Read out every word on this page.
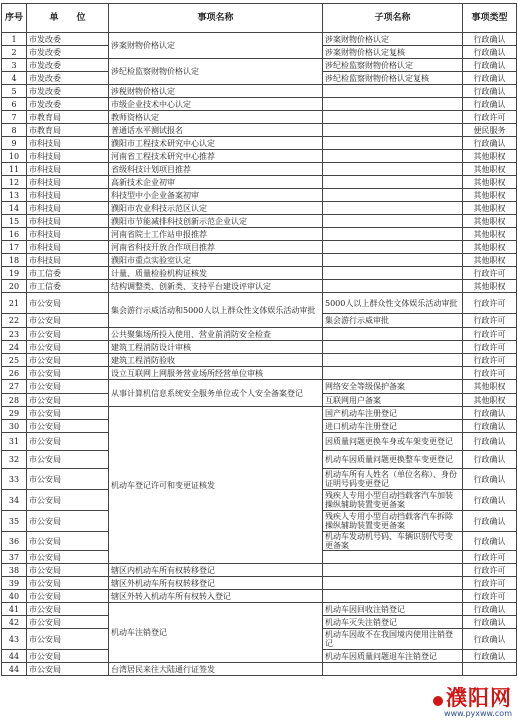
序号	单　　位	事项名称	子项名称	事项类型
1	市发改委	涉案财物价格认定	涉案财物价格认定	行政确认
2	市发改委		涉案财物价格认定复核	行政确认
3	市发改委	涉纪检监察财物价格认定	涉纪检监察财物价格认定	行政确认
4	市发改委		涉纪检监察财物价格认定复核	行政确认
5	市发改委	涉税财物价格认定		行政确认
6	市发改委	市级企业技术中心认定		行政确认
7	市教育局	教师资格认定		行政许可
8	市教育局	普通话水平测试报名		便民服务
9	市科技局	濮阳市工程技术研究中心认定		行政确认
10	市科技局	河南省工程技术研究中心推荐		其他职权
11	市科技局	省级科技计划项目推荐		其他职权
12	市科技局	高新技术企业初审		其他职权
13	市科技局	科技型中小企业备案初审		其他职权
14	市科技局	濮阳市农业科技示范区认定		其他职权
15	市科技局	濮阳市节能减排科技创新示范企业认定		其他职权
16	市科技局	河南省院士工作站申报推荐		其他职权
17	市科技局	河南省科技开放合作项目推荐		其他职权
18	市科技局	濮阳市重点实验室认定		其他职权
19	市工信委	计量、质量检验机构证核发		行政许可
20	市工信委	结构调整类、创新类、支持平台建设评审认定		其他职权
21	市公安局	集会游行示威活动和5000人以上群众性文体娱乐活动审批	5000人以上群众性文体娱乐活动审批	行政许可
22	市公安局		集会游行示威审批	行政许可
23	市公安局	公共聚集场所投入使用、营业前消防安全检查		行政许可
24	市公安局	建筑工程消防设计审核		行政许可
25	市公安局	建筑工程消防验收		行政许可
26	市公安局	设立互联网上网服务营业场所经营单位审核		行政许可
27	市公安局	从事计算机信息系统安全服务单位或个人安全备案登记	网络安全等级保护备案	其他职权
28	市公安局		互联网用户备案	其他职权
29	市公安局	机动车登记许可和变更证核发	国产机动车注册登记	行政确认
30	市公安局		进口机动车注册登记	行政确认
31	市公安局		因质量问题更换车身或车架变更登记	行政确认
32	市公安局		机动车因质量问题更换整车变更登记	行政确认
33	市公安局		机动车所有人姓名（单位名称）、身份证明号码变更登记	行政确认
34	市公安局		残疾人专用小型自动挡载客汽车加装操纵辅助装置变更备案	行政确认
35	市公安局		残疾人专用小型自动挡载客汽车拆除操纵辅助装置变更备案	行政确认
36	市公安局		机动车发动机号码、车辆识别代号变更备案	行政确认
37	市公安局			行政许可
38	市公安局	辖区内机动车所有权转移登记		行政许可
39	市公安局	辖区外机动车所有权转移登记		行政许可
40	市公安局	辖区外转入机动车所有权转入登记		行政许可
41	市公安局	机动车注销登记	机动车因回收注销登记	行政确认
42	市公安局		机动车灭失注销登记	行政确认
43	市公安局		机动车因故不在我国境内使用注销登记	行政确认
44	市公安局		机动车因质量问题退车注销登记	行政确认
44	市公安局	台湾居民来往大陆通行证签发		
濮阳网
www.pyxww.com
